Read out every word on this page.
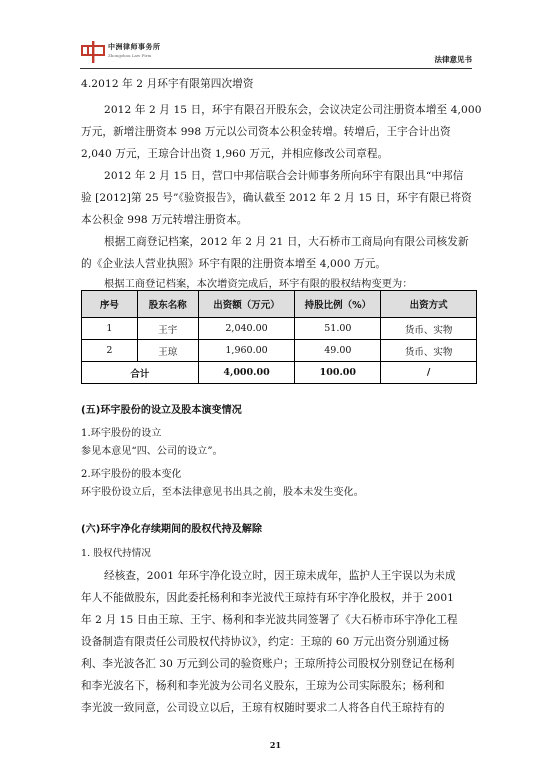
中洲律师事务所
Zhongzhou Law Firm	法律意见书
4.2012 年 2 月环宇有限第四次增资
2012 年 2 月 15 日，环宇有限召开股东会，会议决定公司注册资本增至 4,000
万元，新增注册资本 998 万元以公司资本公积金转增。转增后，王宇合计出资
2,040 万元，王琼合计出资 1,960 万元，并相应修改公司章程。
2012 年 2 月 15 日，营口中邦信联合会计师事务所向环宇有限出具“中邦信
验 [2012]第 25 号”《验资报告》，确认截至 2012 年 2 月 15 日，环宇有限已将资
本公积金 998 万元转增注册资本。
根据工商登记档案，2012 年 2 月 21 日，大石桥市工商局向有限公司核发新
的《企业法人营业执照》环宇有限的注册资本增至 4,000 万元。
根据工商登记档案，本次增资完成后，环宇有限的股权结构变更为：
序号	股东名称	出资额（万元）	持股比例（%）	出资方式
1	王宇	2,040.00	51.00	货币、实物
2	王琼	1,960.00	49.00	货币、实物
合计		4,000.00	100.00	/
(五)环宇股份的设立及股本演变情况
1.环宇股份的设立
参见本意见“四、公司的设立”。
2.环宇股份的股本变化
环宇股份设立后，至本法律意见书出具之前，股本未发生变化。
(六)环宇净化存续期间的股权代持及解除
1. 股权代持情况
经核查，2001 年环宇净化设立时，因王琼未成年，监护人王宇误以为未成
年人不能做股东，因此委托杨利和李光波代王琼持有环宇净化股权，并于 2001
年 2 月 15 日由王琼、王宇、杨利和李光波共同签署了《大石桥市环宇净化工程
设备制造有限责任公司股权代持协议》，约定：王琼的 60 万元出资分别通过杨
利、李光波各汇 30 万元到公司的验资账户；王琼所持公司股权分别登记在杨利
和李光波名下，杨利和李光波为公司名义股东，王琼为公司实际股东；杨利和
李光波一致同意，公司设立以后，王琼有权随时要求二人将各自代王琼持有的
21
